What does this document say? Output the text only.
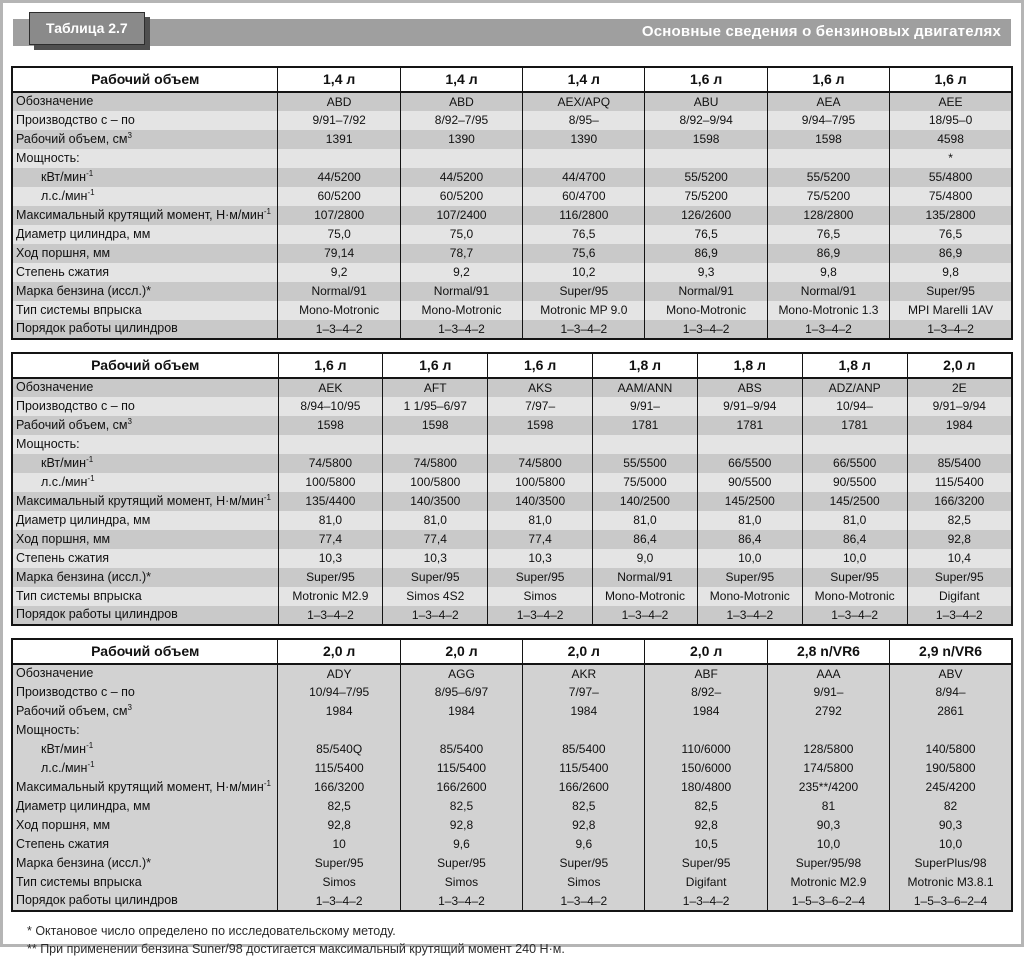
Таблица 2.7	Основные сведения о бензиновых двигателях
Рабочий объем	1,4 л	1,4 л	1,4 л	1,6 л	1,6 л	1,6 л
Обозначение	ABD	ABD	AEX/APQ	ABU	AEA	AEE
Производство с – по	9/91–7/92	8/92–7/95	8/95–	8/92–9/94	9/94–7/95	18/95–0
Рабочий объем, $см^3$	1391	1390	1390	1598	1598	4598
Мощность:						*
кВт/мин$^{-1}$	44/5200	44/5200	44/4700	55/5200	55/5200	55/4800
л.с./мин$^{-1}$	60/5200	60/5200	60/4700	75/5200	75/5200	75/4800
Максимальный крутящий момент, Н·м/мин$^{-1}$	107/2800	107/2400	116/2800	126/2600	128/2800	135/2800
Диаметр цилиндра, мм	75,0	75,0	76,5	76,5	76,5	76,5
Ход поршня, мм	79,14	78,7	75,6	86,9	86,9	86,9
Степень сжатия	9,2	9,2	10,2	9,3	9,8	9,8
Марка бензина (иссл.)*	Normal/91	Normal/91	Super/95	Normal/91	Normal/91	Super/95
Тип системы впрыска	Mono-Motronic	Mono-Motronic	Motronic MP 9.0	Mono-Motronic	Mono-Motronic 1.3	MPI Marelli 1AV
Порядок работы цилиндров	1–3–4–2	1–3–4–2	1–3–4–2	1–3–4–2	1–3–4–2	1–3–4–2
Рабочий объем	1,6 л	1,6 л	1,6 л	1,8 л	1,8 л	1,8 л	2,0 л
Обозначение	AEK	AFT	AKS	AAM/ANN	ABS	ADZ/ANP	2E
Производство с – по	8/94–10/95	1 1/95–6/97	7/97–	9/91–	9/91–9/94	10/94–	9/91–9/94
Рабочий объем, $см^3$	1598	1598	1598	1781	1781	1781	1984
Мощность:							
кВт/мин$^{-1}$	74/5800	74/5800	74/5800	55/5500	66/5500	66/5500	85/5400
л.с./мин$^{-1}$	100/5800	100/5800	100/5800	75/5000	90/5500	90/5500	115/5400
Максимальный крутящий момент, Н·м/мин$^{-1}$	135/4400	140/3500	140/3500	140/2500	145/2500	145/2500	166/3200
Диаметр цилиндра, мм	81,0	81,0	81,0	81,0	81,0	81,0	82,5
Ход поршня, мм	77,4	77,4	77,4	86,4	86,4	86,4	92,8
Степень сжатия	10,3	10,3	10,3	9,0	10,0	10,0	10,4
Марка бензина (иссл.)*	Super/95	Super/95	Super/95	Normal/91	Super/95	Super/95	Super/95
Тип системы впрыска	Motronic M2.9	Simos 4S2	Simos	Mono-Motronic	Mono-Motronic	Mono-Motronic	Digifant
Порядок работы цилиндров	1–3–4–2	1–3–4–2	1–3–4–2	1–3–4–2	1–3–4–2	1–3–4–2	1–3–4–2
Рабочий объем	2,0 л	2,0 л	2,0 л	2,0 л	2,8 n/VR6	2,9 n/VR6
Обозначение	ADY	AGG	AKR	ABF	AAA	ABV
Производство с – по	10/94–7/95	8/95–6/97	7/97–	8/92–	9/91–	8/94–
Рабочий объем, $см^3$	1984	1984	1984	1984	2792	2861
Мощность:						
кВт/мин$^{-1}$	85/540Q	85/5400	85/5400	110/6000	128/5800	140/5800
л.с./мин$^{-1}$	115/5400	115/5400	115/5400	150/6000	174/5800	190/5800
Максимальный крутящий момент, Н·м/мин$^{-1}$	166/3200	166/2600	166/2600	180/4800	235**/4200	245/4200
Диаметр цилиндра, мм	82,5	82,5	82,5	82,5	81	82
Ход поршня, мм	92,8	92,8	92,8	92,8	90,3	90,3
Степень сжатия	10	9,6	9,6	10,5	10,0	10,0
Марка бензина (иссл.)*	Super/95	Super/95	Super/95	Super/95	Super/95/98	SuperPlus/98
Тип системы впрыска	Simos	Simos	Simos	Digifant	Motronic M2.9	Motronic M3.8.1
Порядок работы цилиндров	1–3–4–2	1–3–4–2	1–3–4–2	1–3–4–2	1–5–3–6–2–4	1–5–3–6–2–4
* Октановое число определено по исследовательскому методу.
** При применении бензина Suner/98 достигается максимальный крутящий момент 240 Н·м.
